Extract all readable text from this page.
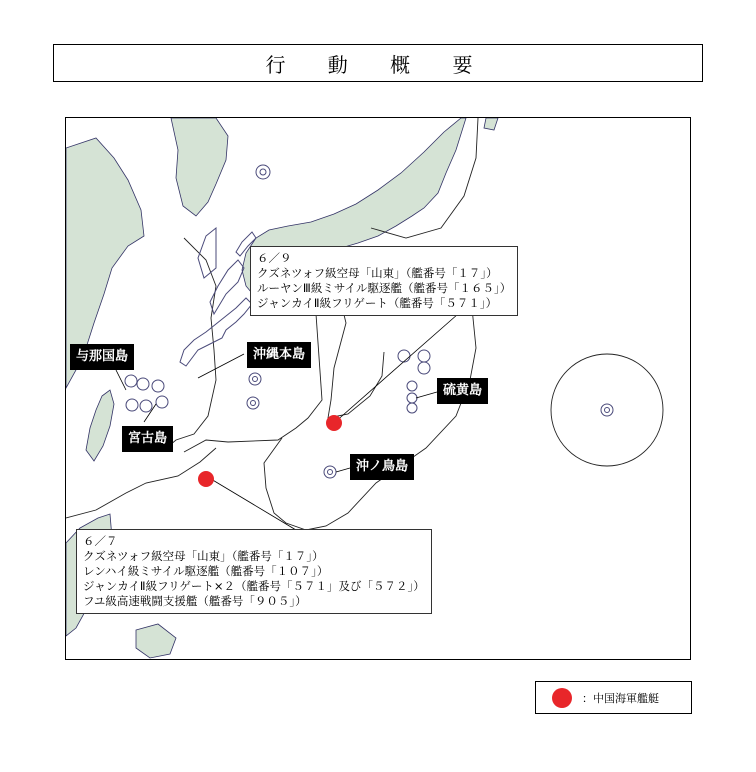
行 動 概 要
与那国島	沖縄本島
宮古島
硫黄島
沖ノ鳥島
６／９
クズネツォフ級空母「山東」（艦番号「１７」）
ルーヤンⅢ級ミサイル駆逐艦（艦番号「１６５」）
ジャンカイⅡ級フリゲート（艦番号「５７１」）
６／７
クズネツォフ級空母「山東」（艦番号「１７」）
レンハイ級ミサイル駆逐艦（艦番号「１０７」）
ジャンカイⅡ級フリゲート×２（艦番号「５７１」及び「５７２」）
フユ級高速戦闘支援艦（艦番号「９０５」）
：中国海軍艦艇
